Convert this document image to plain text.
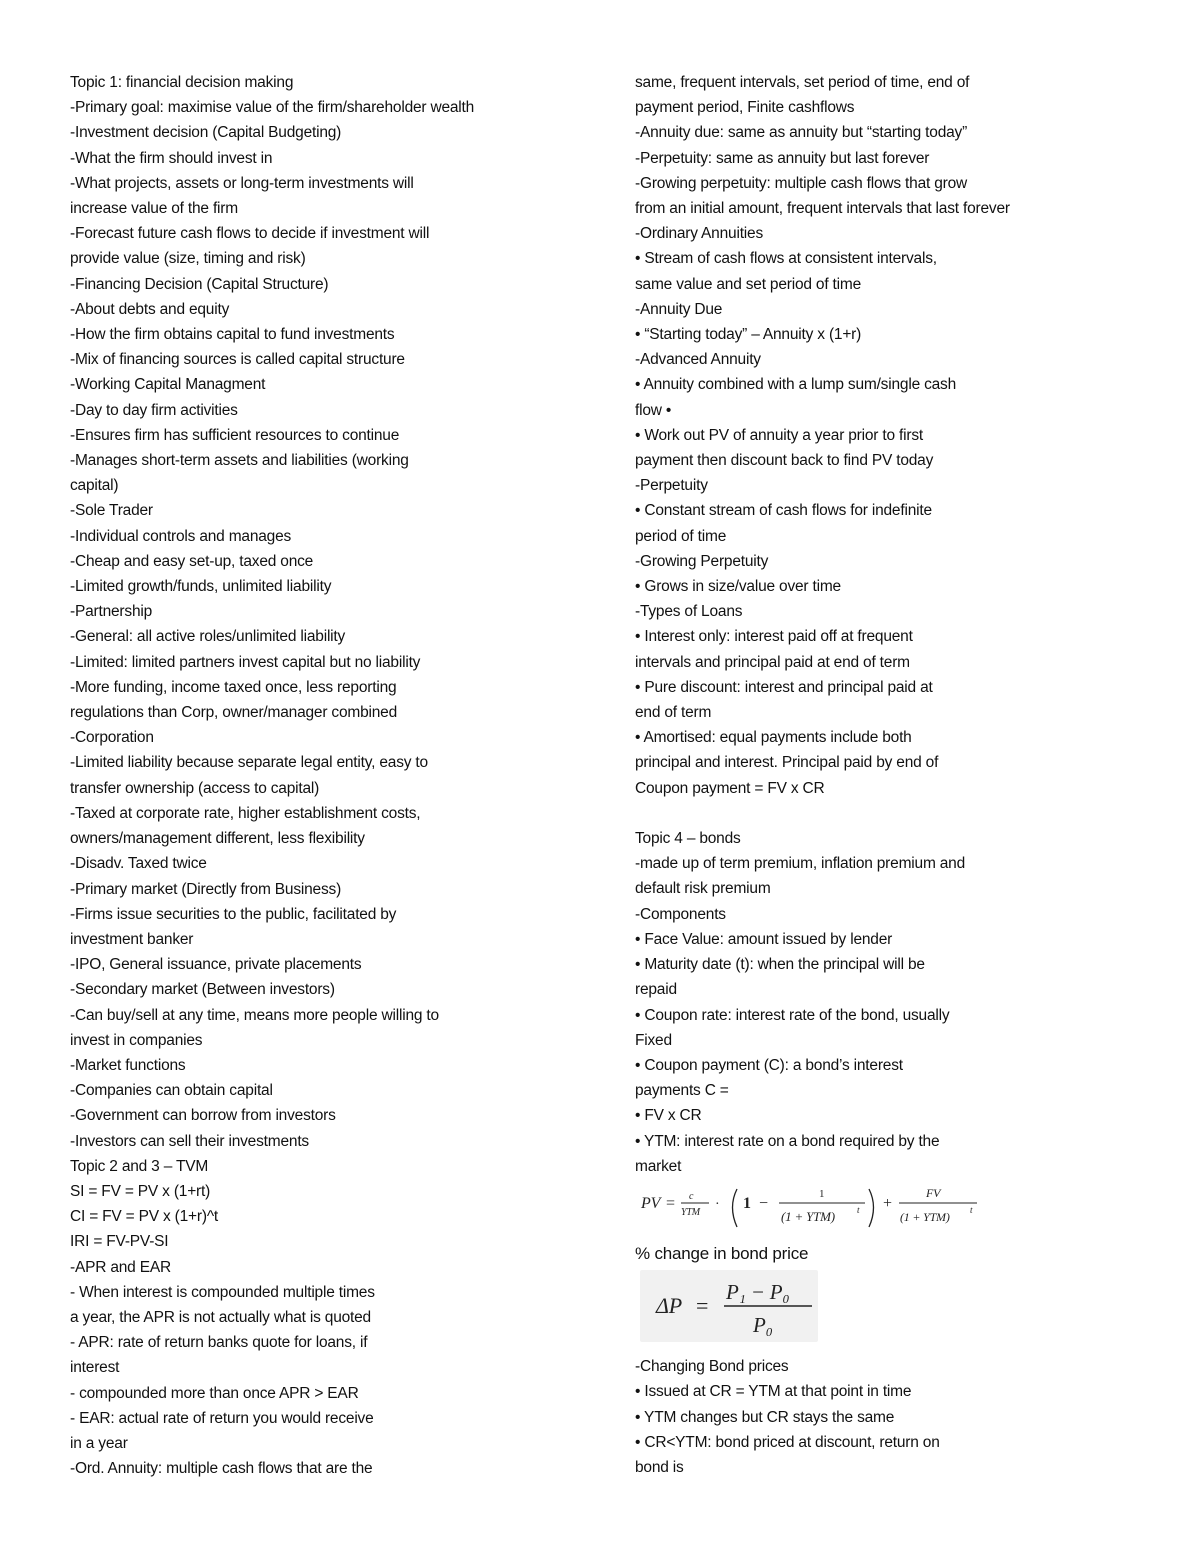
Topic 1: financial decision making
-Primary goal: maximise value of the firm/shareholder wealth
-Investment decision (Capital Budgeting)
-What the firm should invest in
-What projects, assets or long-term investments will
increase value of the firm
-Forecast future cash flows to decide if investment will
provide value (size, timing and risk)
-Financing Decision (Capital Structure)
-About debts and equity
-How the firm obtains capital to fund investments
-Mix of financing sources is called capital structure
-Working Capital Managment
-Day to day firm activities
-Ensures firm has sufficient resources to continue
-Manages short-term assets and liabilities (working
capital)
-Sole Trader
-Individual controls and manages
-Cheap and easy set-up, taxed once
-Limited growth/funds, unlimited liability
-Partnership
-General: all active roles/unlimited liability
-Limited: limited partners invest capital but no liability
-More funding, income taxed once, less reporting
regulations than Corp, owner/manager combined
-Corporation
-Limited liability because separate legal entity, easy to
transfer ownership (access to capital)
-Taxed at corporate rate, higher establishment costs,
owners/management different, less flexibility
-Disadv. Taxed twice
-Primary market (Directly from Business)
-Firms issue securities to the public, facilitated by
investment banker
-IPO, General issuance, private placements
-Secondary market (Between investors)
-Can buy/sell at any time, means more people willing to
invest in companies
-Market functions
-Companies can obtain capital
-Government can borrow from investors
-Investors can sell their investments
Topic 2 and 3 – TVM
SI = FV = PV x (1+rt)
CI = FV = PV x (1+r)^t
IRI = FV-PV-SI
-APR and EAR
- When interest is compounded multiple times
a year, the APR is not actually what is quoted
- APR: rate of return banks quote for loans, if
interest
- compounded more than once APR > EAR
- EAR: actual rate of return you would receive
in a year
-Ord. Annuity: multiple cash flows that are the
same, frequent intervals, set period of time, end of
payment period, Finite cashflows
-Annuity due: same as annuity but “starting today”
-Perpetuity: same as annuity but last forever
-Growing perpetuity: multiple cash flows that grow
from an initial amount, frequent intervals that last forever
-Ordinary Annuities
• Stream of cash flows at consistent intervals,
same value and set period of time
-Annuity Due
• “Starting today” – Annuity x (1+r)
-Advanced Annuity
• Annuity combined with a lump sum/single cash
flow •
• Work out PV of annuity a year prior to first
payment then discount back to find PV today
-Perpetuity
• Constant stream of cash flows for indefinite
period of time
-Growing Perpetuity
• Grows in size/value over time
-Types of Loans
• Interest only: interest paid off at frequent
intervals and principal paid at end of term
• Pure discount: interest and principal paid at
end of term
• Amortised: equal payments include both
principal and interest. Principal paid by end of
Coupon payment = FV x CR
Topic 4 – bonds
-made up of term premium, inflation premium and
default risk premium
-Components
• Face Value: amount issued by lender
• Maturity date (t): when the principal will be
repaid
• Coupon rate: interest rate of the bond, usually
Fixed
• Coupon payment (C): a bond’s interest
payments C =
• FV x CR
• YTM: interest rate on a bond required by the
market
PV = c
YTM
· 1 −
1
(1 + YTM) t +
FV
(1 + YTM) t
% change in bond price
ΔP =
P₁ − P₀
P₀
-Changing Bond prices
• Issued at CR = YTM at that point in time
• YTM changes but CR stays the same
• CR<YTM: bond priced at discount, return on
bond is
